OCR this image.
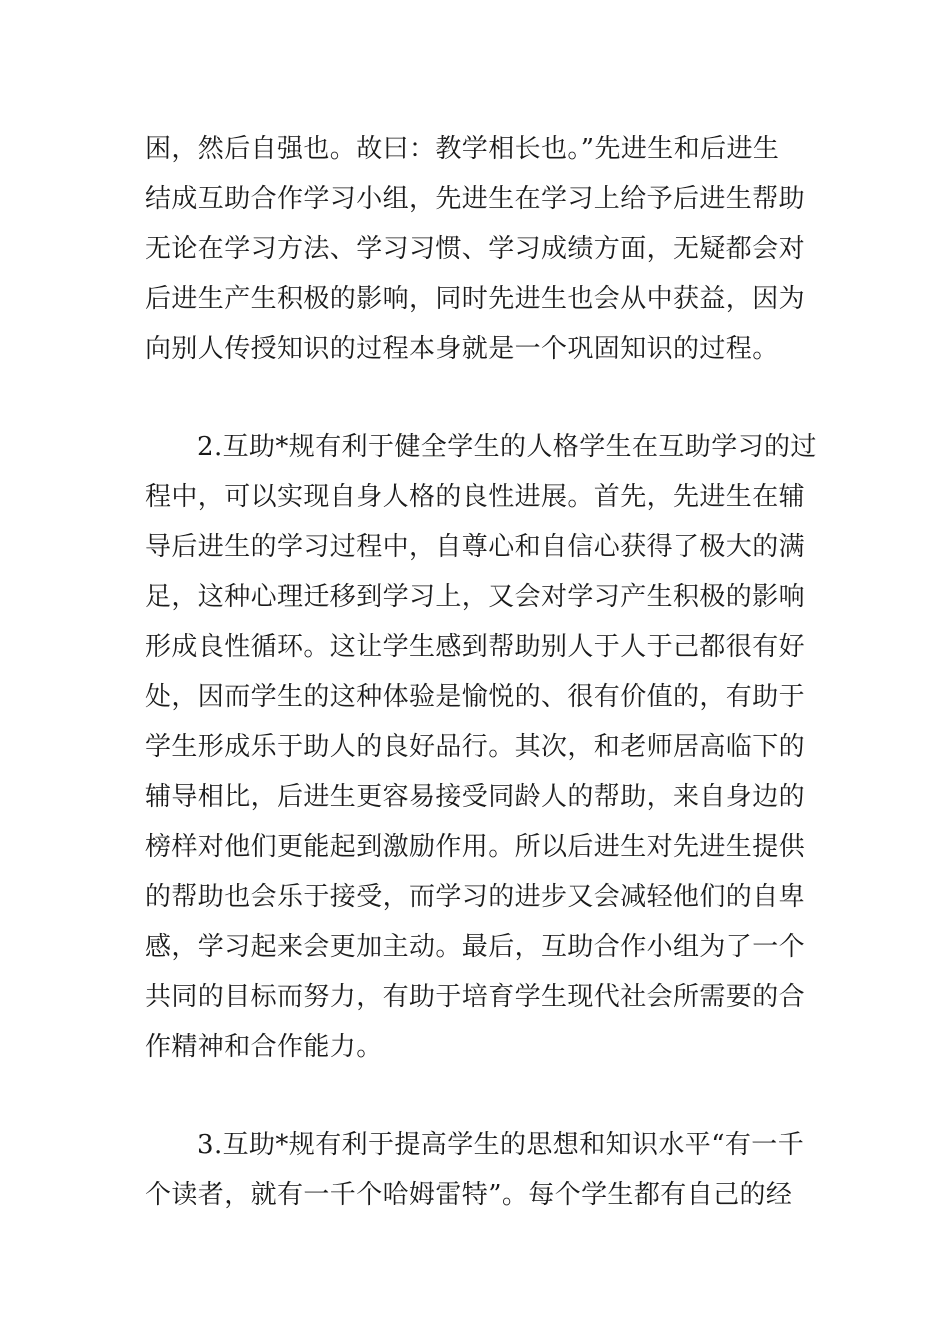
困，然后自强也。故曰：教学相长也。”先进生和后进生
结成互助合作学习小组，先进生在学习上给予后进生帮助
无论在学习方法、学习习惯、学习成绩方面，无疑都会对
后进生产生积极的影响，同时先进生也会从中获益，因为
向别人传授知识的过程本身就是一个巩固知识的过程。
2.互助*规有利于健全学生的人格学生在互助学习的过
程中，可以实现自身人格的良性进展。首先，先进生在辅
导后进生的学习过程中，自尊心和自信心获得了极大的满
足，这种心理迁移到学习上，又会对学习产生积极的影响
形成良性循环。这让学生感到帮助别人于人于己都很有好
处，因而学生的这种体验是愉悦的、很有价值的，有助于
学生形成乐于助人的良好品行。其次，和老师居高临下的
辅导相比，后进生更容易接受同龄人的帮助，来自身边的
榜样对他们更能起到激励作用。所以后进生对先进生提供
的帮助也会乐于接受，而学习的进步又会减轻他们的自卑
感，学习起来会更加主动。最后，互助合作小组为了一个
共同的目标而努力，有助于培育学生现代社会所需要的合
作精神和合作能力。
3.互助*规有利于提高学生的思想和知识水平“有一千
个读者，就有一千个哈姆雷特”。每个学生都有自己的经
